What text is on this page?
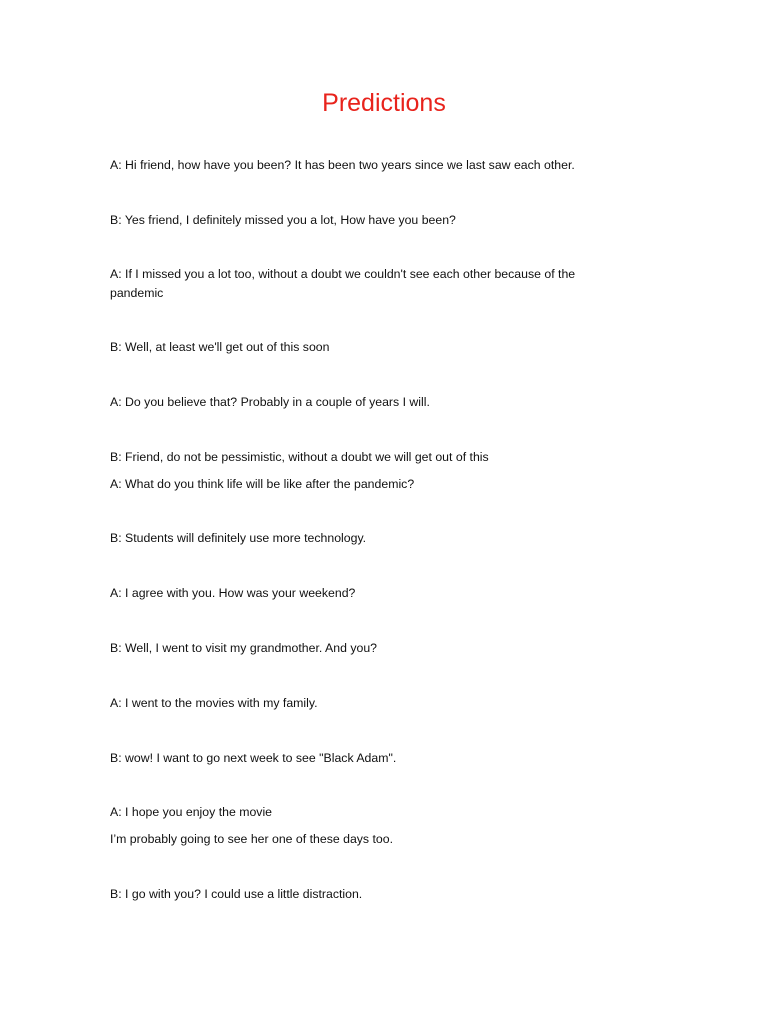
Predictions
A: Hi friend, how have you been? It has been two years since we last saw each other.
B: Yes friend, I definitely missed you a lot, How have you been?
A: If I missed you a lot too, without a doubt we couldn't see each other because of the pandemic
B: Well, at least we'll get out of this soon
A: Do you believe that? Probably in a couple of years I will.
B: Friend, do not be pessimistic, without a doubt we will get out of this
A: What do you think life will be like after the pandemic?
B: Students will definitely use more technology.
A: I agree with you. How was your weekend?
B: Well, I went to visit my grandmother. And you?
A: I went to the movies with my family.
B: wow! I want to go next week to see "Black Adam".
A: I hope you enjoy the movie
I’m probably going to see her one of these days too.
B: I go with you? I could use a little distraction.
